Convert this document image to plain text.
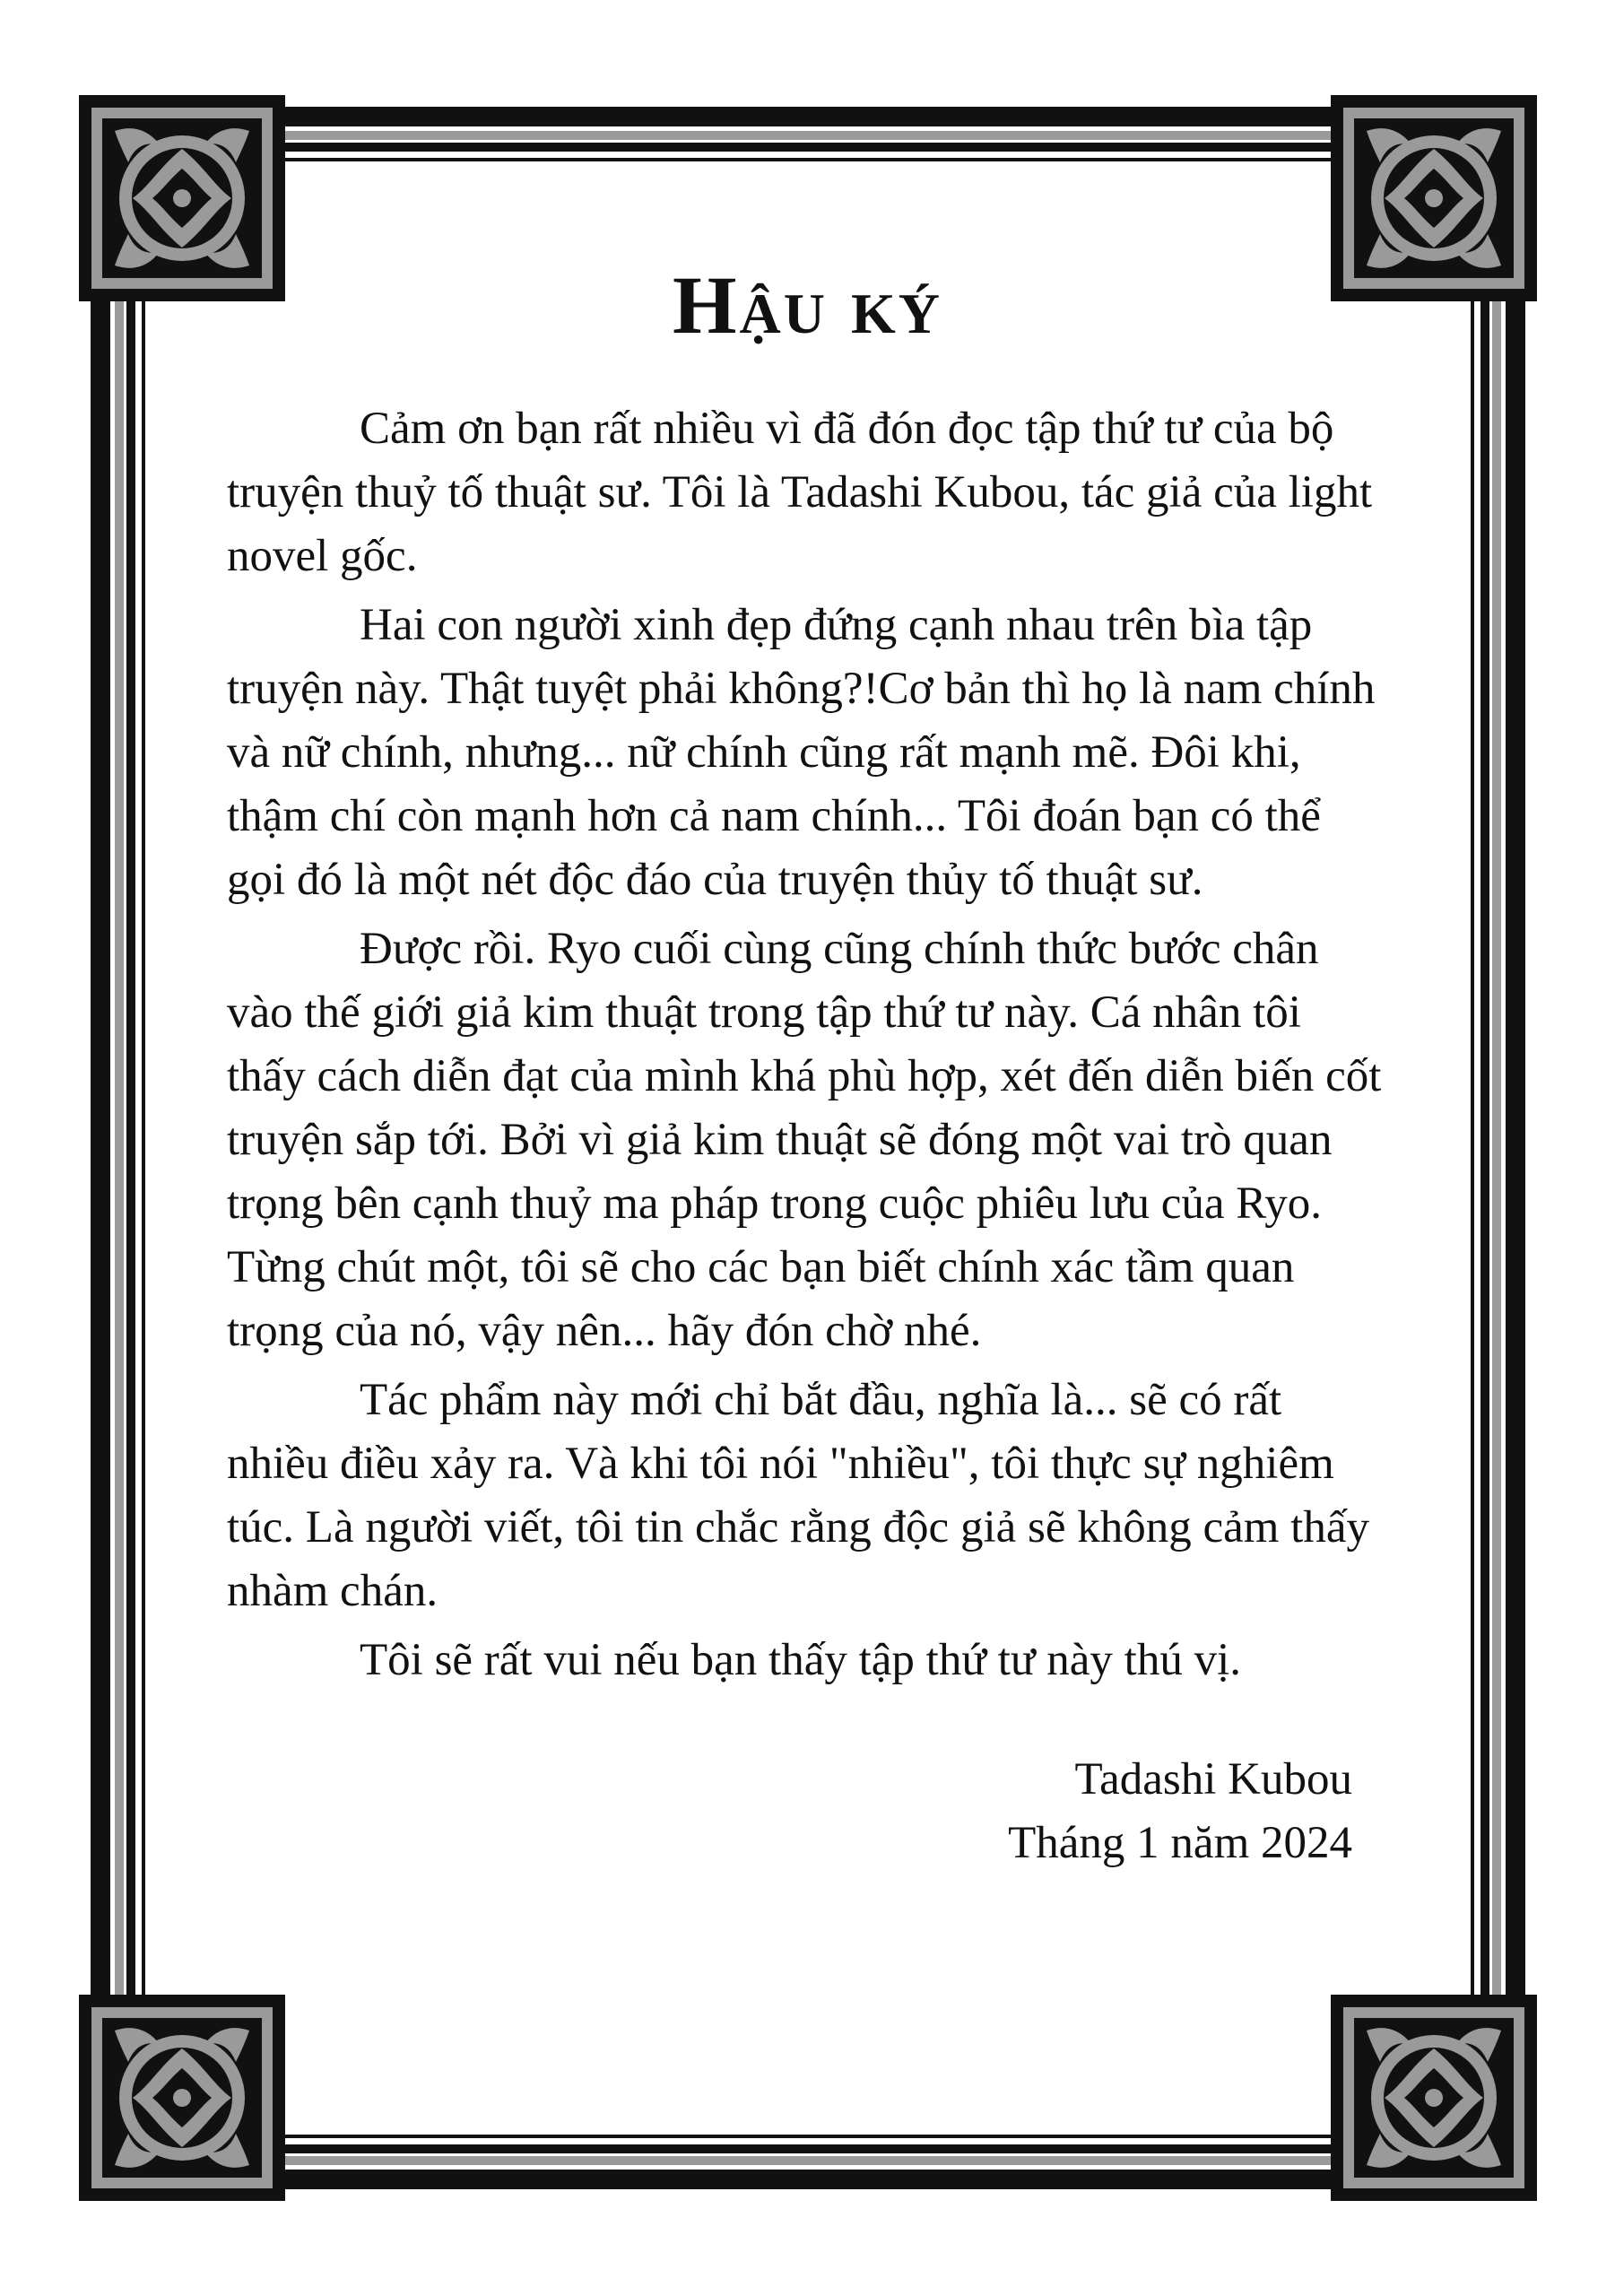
Hậu ký

Cảm ơn bạn rất nhiều vì đã đón đọc tập thứ tư của bộ truyện thuỷ tố thuật sư. Tôi là Tadashi Kubou, tác giả của light novel gốc.

Hai con người xinh đẹp đứng cạnh nhau trên bìa tập truyện này. Thật tuyệt phải không?!Cơ bản thì họ là nam chính và nữ chính, nhưng... nữ chính cũng rất mạnh mẽ. Đôi khi, thậm chí còn mạnh hơn cả nam chính... Tôi đoán bạn có thể gọi đó là một nét độc đáo của truyện thủy tố thuật sư.

Được rồi. Ryo cuối cùng cũng chính thức bước chân vào thế giới giả kim thuật trong tập thứ tư này. Cá nhân tôi thấy cách diễn đạt của mình khá phù hợp, xét đến diễn biến cốt truyện sắp tới. Bởi vì giả kim thuật sẽ đóng một vai trò quan trọng bên cạnh thuỷ ma pháp trong cuộc phiêu lưu của Ryo. Từng chút một, tôi sẽ cho các bạn biết chính xác tầm quan trọng của nó, vậy nên... hãy đón chờ nhé.

Tác phẩm này mới chỉ bắt đầu, nghĩa là... sẽ có rất nhiều điều xảy ra. Và khi tôi nói "nhiều", tôi thực sự nghiêm túc. Là người viết, tôi tin chắc rằng độc giả sẽ không cảm thấy nhàm chán.

Tôi sẽ rất vui nếu bạn thấy tập thứ tư này thú vị.

Tadashi Kubou
Tháng 1 năm 2024
